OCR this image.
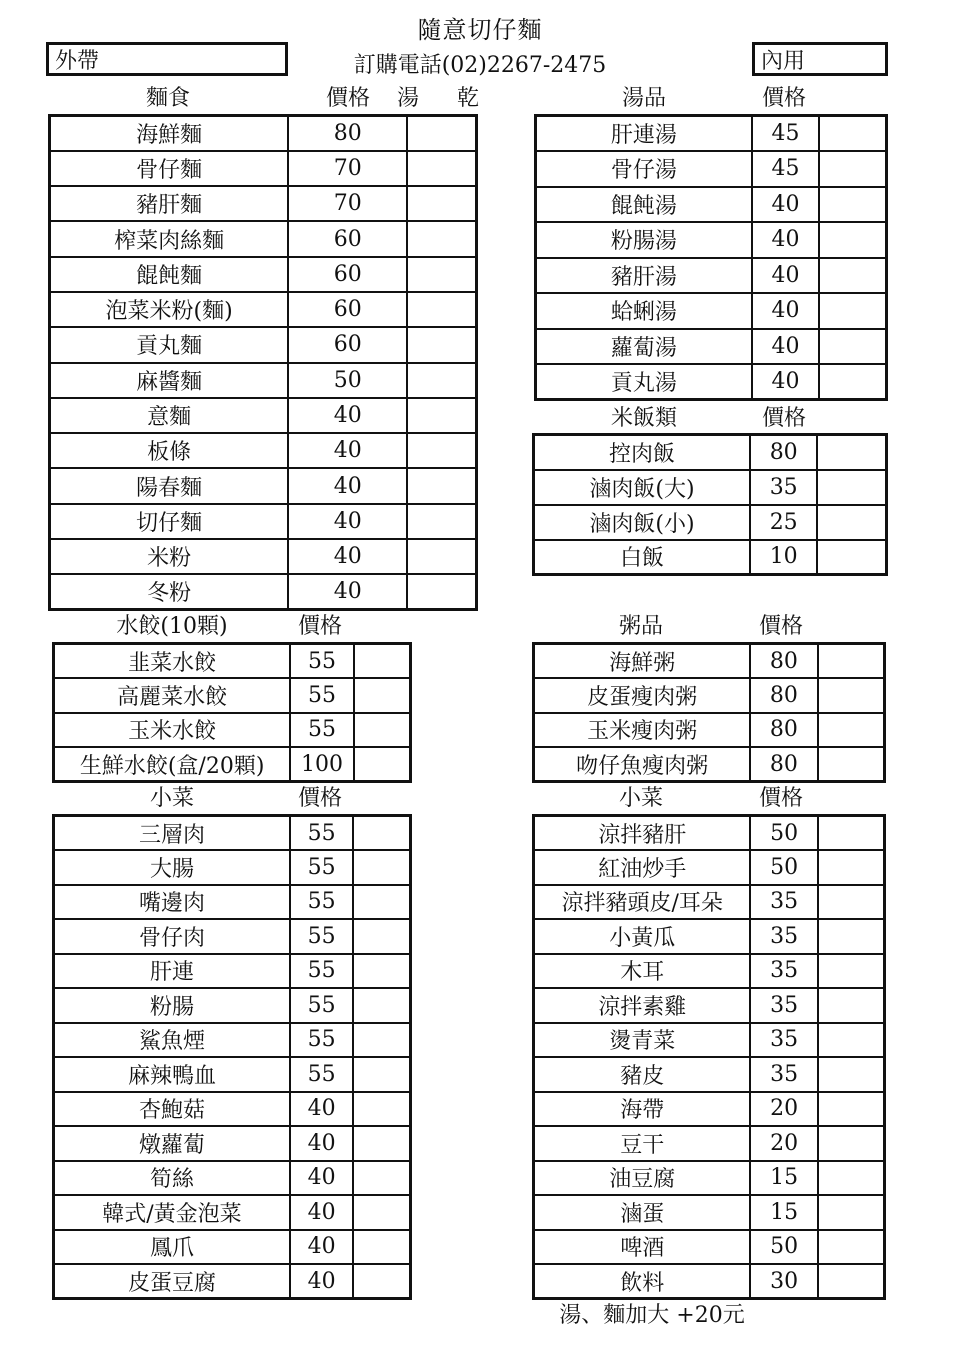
隨意切仔麵
訂購電話(02)2267-2475
外帶	內用
麵食	價格	湯	乾
海鮮麵	80	
骨仔麵	70	
豬肝麵	70	
榨菜肉絲麵	60	
餛飩麵	60	
泡菜米粉(麵)	60	
貢丸麵	60	
麻醬麵	50	
意麵	40	
板條	40	
陽春麵	40	
切仔麵	40	
米粉	40	
冬粉	40	
湯品	價格
肝連湯	45	
骨仔湯	45	
餛飩湯	40	
粉腸湯	40	
豬肝湯	40	
蛤蜊湯	40	
蘿蔔湯	40	
貢丸湯	40	
米飯類	價格
控肉飯	80	
滷肉飯(大)	35	
滷肉飯(小)	25	
白飯	10	
水餃(10顆)	價格
韭菜水餃	55	
高麗菜水餃	55	
玉米水餃	55	
生鮮水餃(盒/20顆)	100	
粥品	價格
海鮮粥	80	
皮蛋瘦肉粥	80	
玉米瘦肉粥	80	
吻仔魚瘦肉粥	80	
小菜	價格
三層肉	55	
大腸	55	
嘴邊肉	55	
骨仔肉	55	
肝連	55	
粉腸	55	
鯊魚煙	55	
麻辣鴨血	55	
杏鮑菇	40	
燉蘿蔔	40	
筍絲	40	
韓式/黃金泡菜	40	
鳳爪	40	
皮蛋豆腐	40	
小菜	價格
涼拌豬肝	50	
紅油炒手	50	
涼拌豬頭皮/耳朵	35	
小黃瓜	35	
木耳	35	
涼拌素雞	35	
燙青菜	35	
豬皮	35	
海帶	20	
豆干	20	
油豆腐	15	
滷蛋	15	
啤酒	50	
飲料	30	
湯、麵加大 +20元
